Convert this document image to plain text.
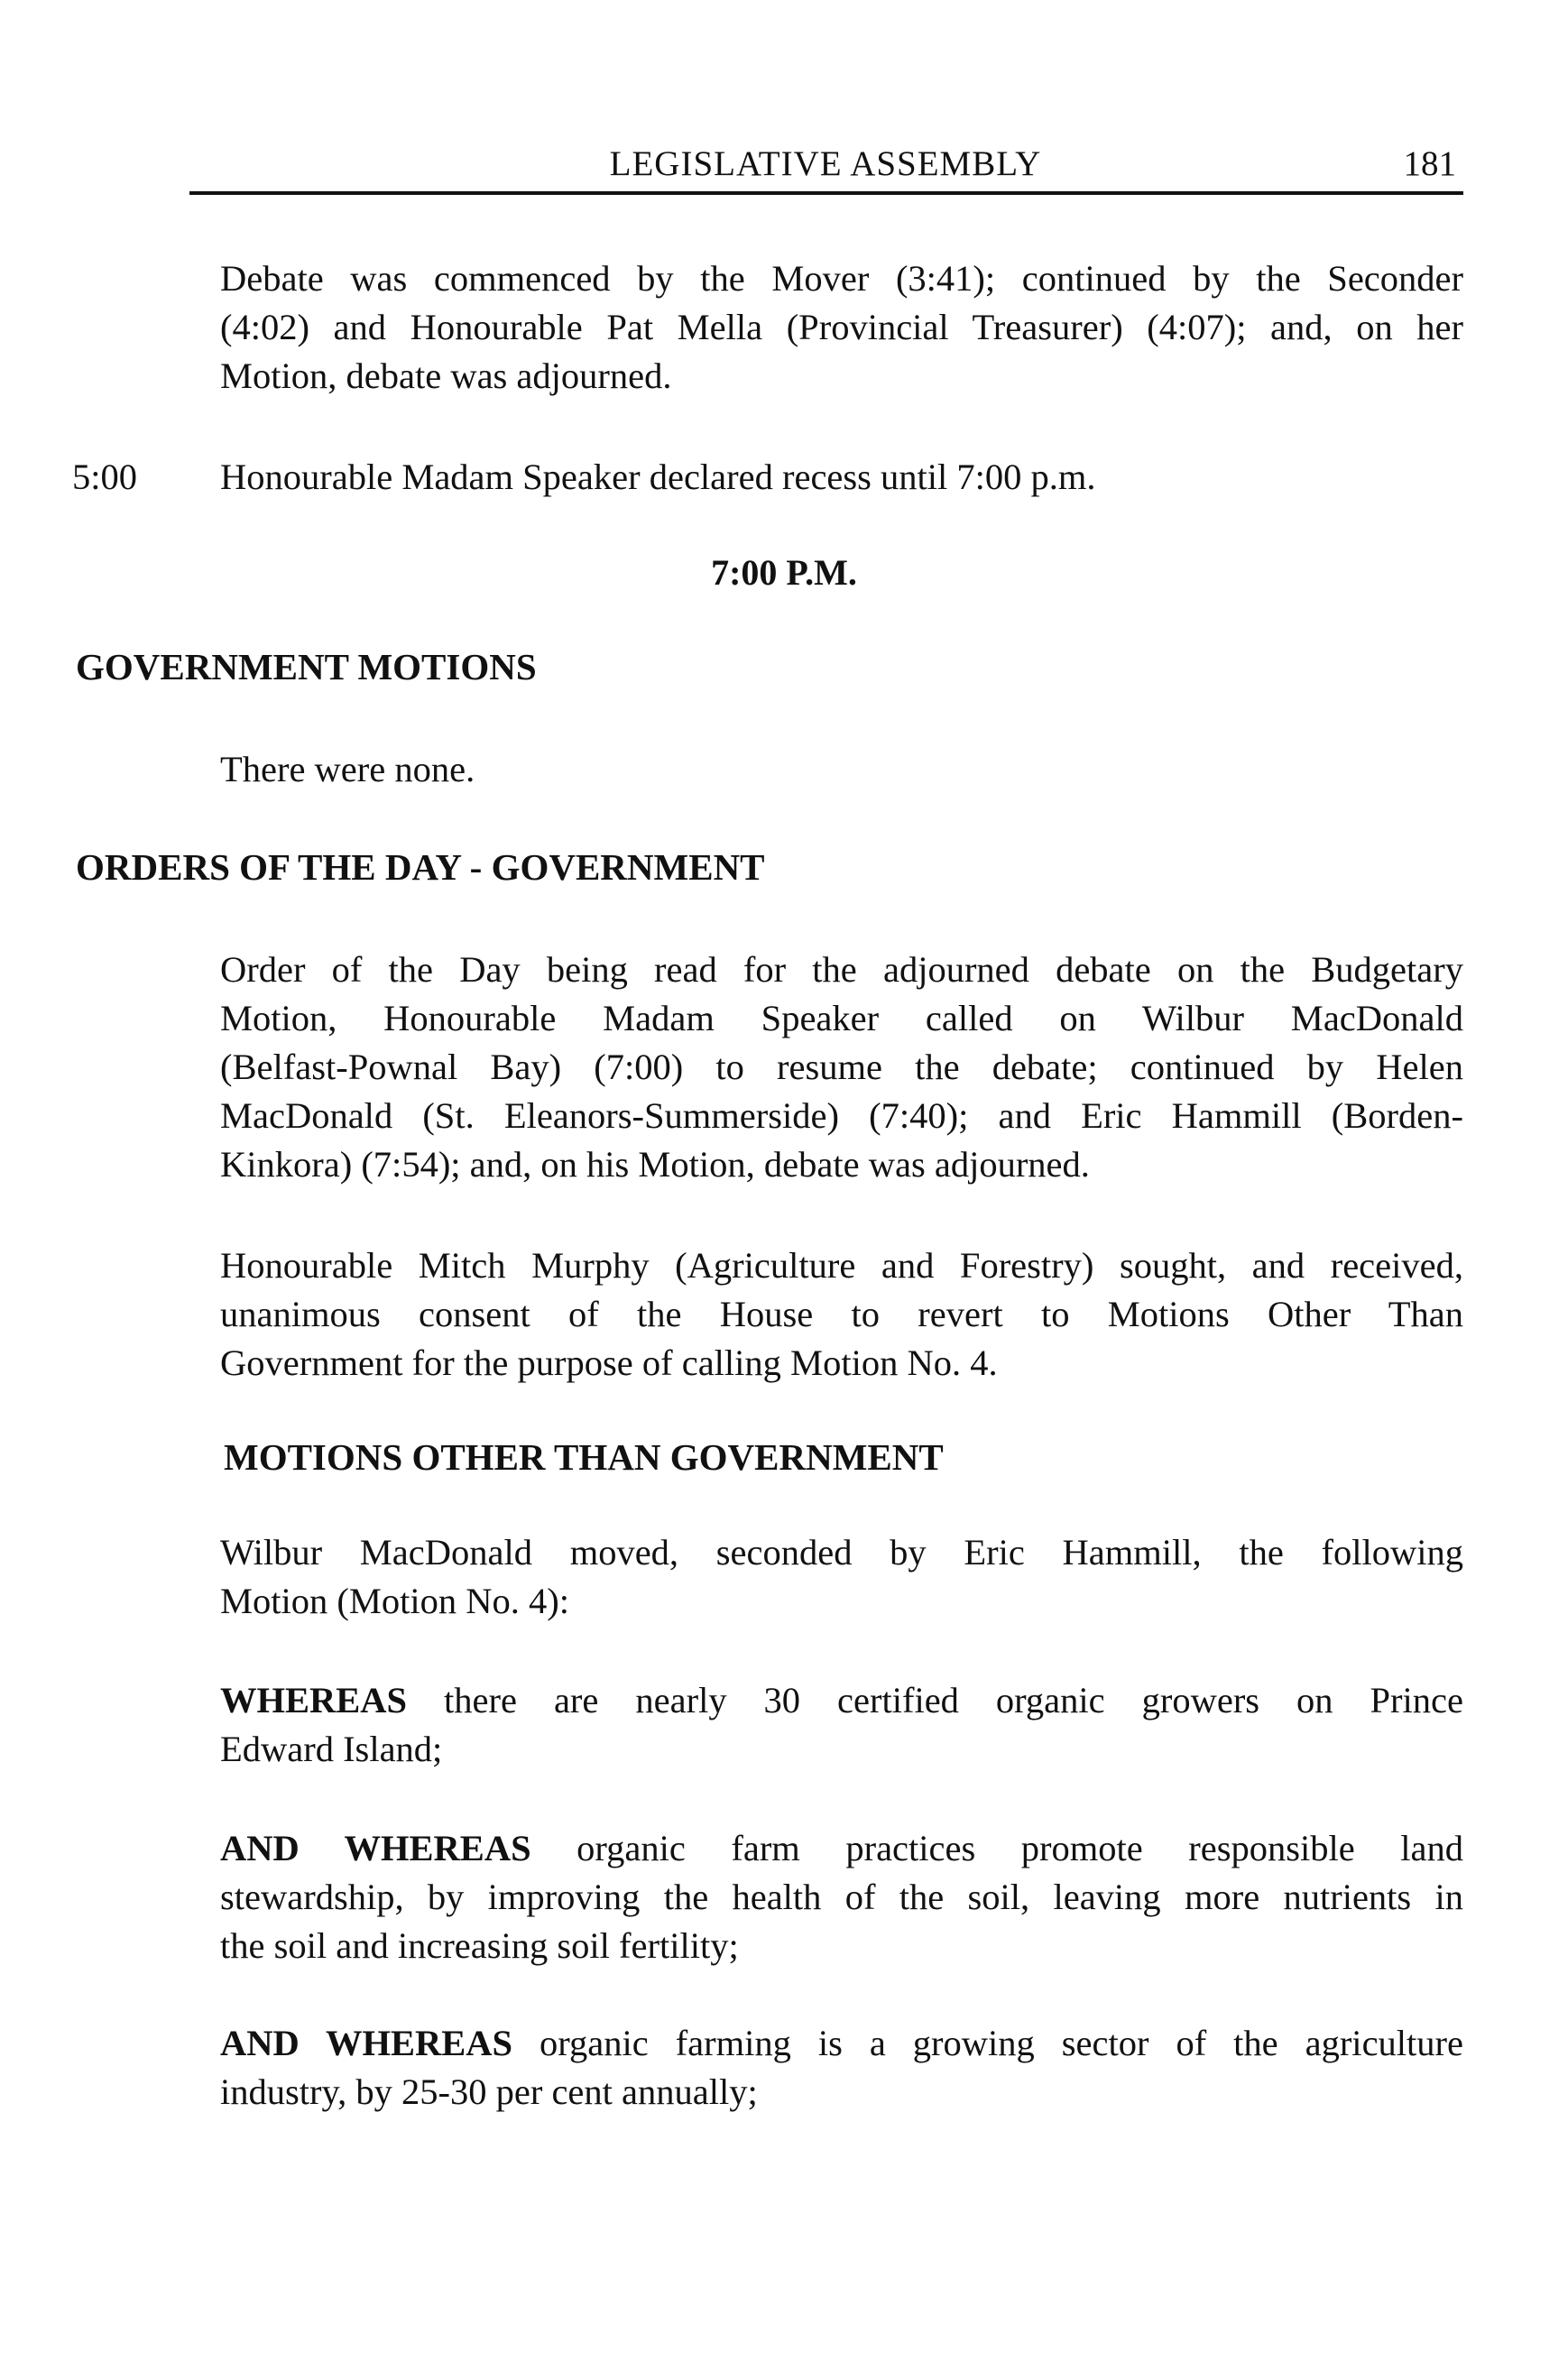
LEGISLATIVE ASSEMBLY	181
Debate was commenced by the Mover (3:41); continued by the Seconder
(4:02) and Honourable Pat Mella (Provincial Treasurer) (4:07); and, on her
Motion, debate was adjourned.
5:00 Honourable Madam Speaker declared recess until 7:00 p.m.
7:00 P.M.
GOVERNMENT MOTIONS
There were none.
ORDERS OF THE DAY - GOVERNMENT
Order of the Day being read for the adjourned debate on the Budgetary
Motion, Honourable Madam Speaker called on Wilbur MacDonald
(Belfast-Pownal Bay) (7:00) to resume the debate; continued by Helen
MacDonald (St. Eleanors-Summerside) (7:40); and Eric Hammill (Borden-
Kinkora) (7:54); and, on his Motion, debate was adjourned.
Honourable Mitch Murphy (Agriculture and Forestry) sought, and received,
unanimous consent of the House to revert to Motions Other Than
Government for the purpose of calling Motion No. 4.
MOTIONS OTHER THAN GOVERNMENT
Wilbur MacDonald moved, seconded by Eric Hammill, the following
Motion (Motion No. 4):
WHEREAS there are nearly 30 certified organic growers on Prince
Edward Island;
AND WHEREAS organic farm practices promote responsible land
stewardship, by improving the health of the soil, leaving more nutrients in
the soil and increasing soil fertility;
AND WHEREAS organic farming is a growing sector of the agriculture
industry, by 25-30 per cent annually;
